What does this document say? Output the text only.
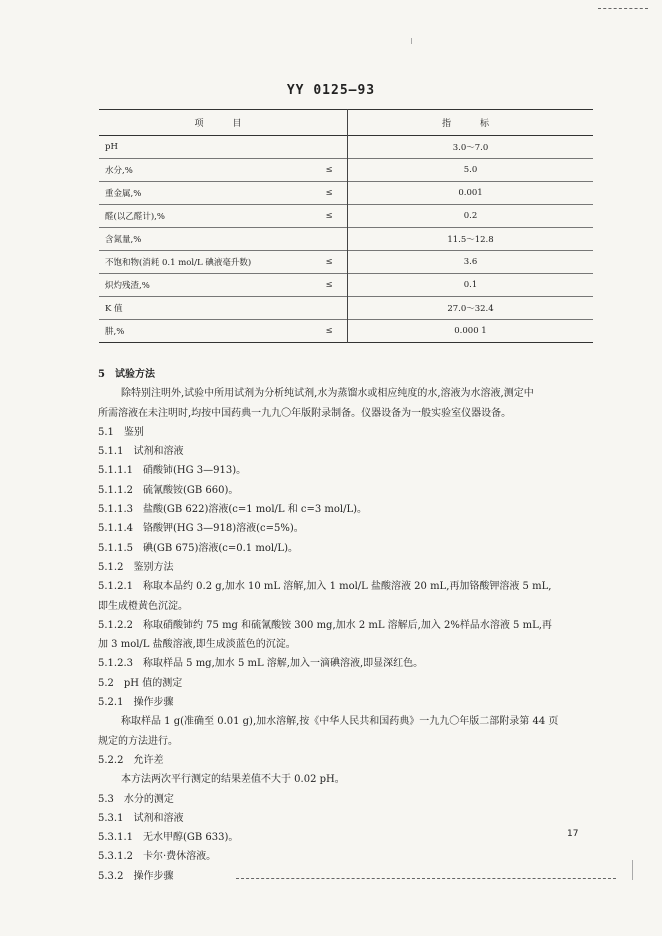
YY 0125—93
项　目		指　标
pH		3.0～7.0
水分,%	≤	5.0
重金属,%	≤	0.001
醛(以乙醛计),%	≤	0.2
含氮量,%		11.5～12.8
不饱和物(消耗 0.1 mol/L 碘液毫升数)	≤	3.6
炽灼残渣,%	≤	0.1
K 值		27.0～32.4
肼,%	≤	0.000 1
5　试验方法
除特别注明外,试验中所用试剂为分析纯试剂,水为蒸馏水或相应纯度的水,溶液为水溶液,测定中
所需溶液在未注明时,均按中国药典一九九〇年版附录制备。仪器设备为一般实验室仪器设备。
5.1　鉴别
5.1.1　试剂和溶液
5.1.1.1　硝酸铈(HG 3—913)。
5.1.1.2　硫氰酸铵(GB 660)。
5.1.1.3　盐酸(GB 622)溶液(c=1 mol/L 和 c=3 mol/L)。
5.1.1.4　铬酸钾(HG 3—918)溶液(c=5%)。
5.1.1.5　碘(GB 675)溶液(c=0.1 mol/L)。
5.1.2　鉴别方法
5.1.2.1　称取本品约 0.2 g,加水 10 mL 溶解,加入 1 mol/L 盐酸溶液 20 mL,再加铬酸钾溶液 5 mL,
即生成橙黄色沉淀。
5.1.2.2　称取硝酸铈约 75 mg 和硫氰酸铵 300 mg,加水 2 mL 溶解后,加入 2%样品水溶液 5 mL,再
加 3 mol/L 盐酸溶液,即生成淡蓝色的沉淀。
5.1.2.3　称取样品 5 mg,加水 5 mL 溶解,加入一滴碘溶液,即显深红色。
5.2　pH 值的测定
5.2.1　操作步骤
称取样品 1 g(准确至 0.01 g),加水溶解,按《中华人民共和国药典》一九九〇年版二部附录第 44 页
规定的方法进行。
5.2.2　允许差
本方法两次平行测定的结果差值不大于 0.02 pH。
5.3　水分的测定
5.3.1　试剂和溶液
5.3.1.1　无水甲醇(GB 633)。
5.3.1.2　卡尔·费休溶液。
5.3.2　操作步骤
17
